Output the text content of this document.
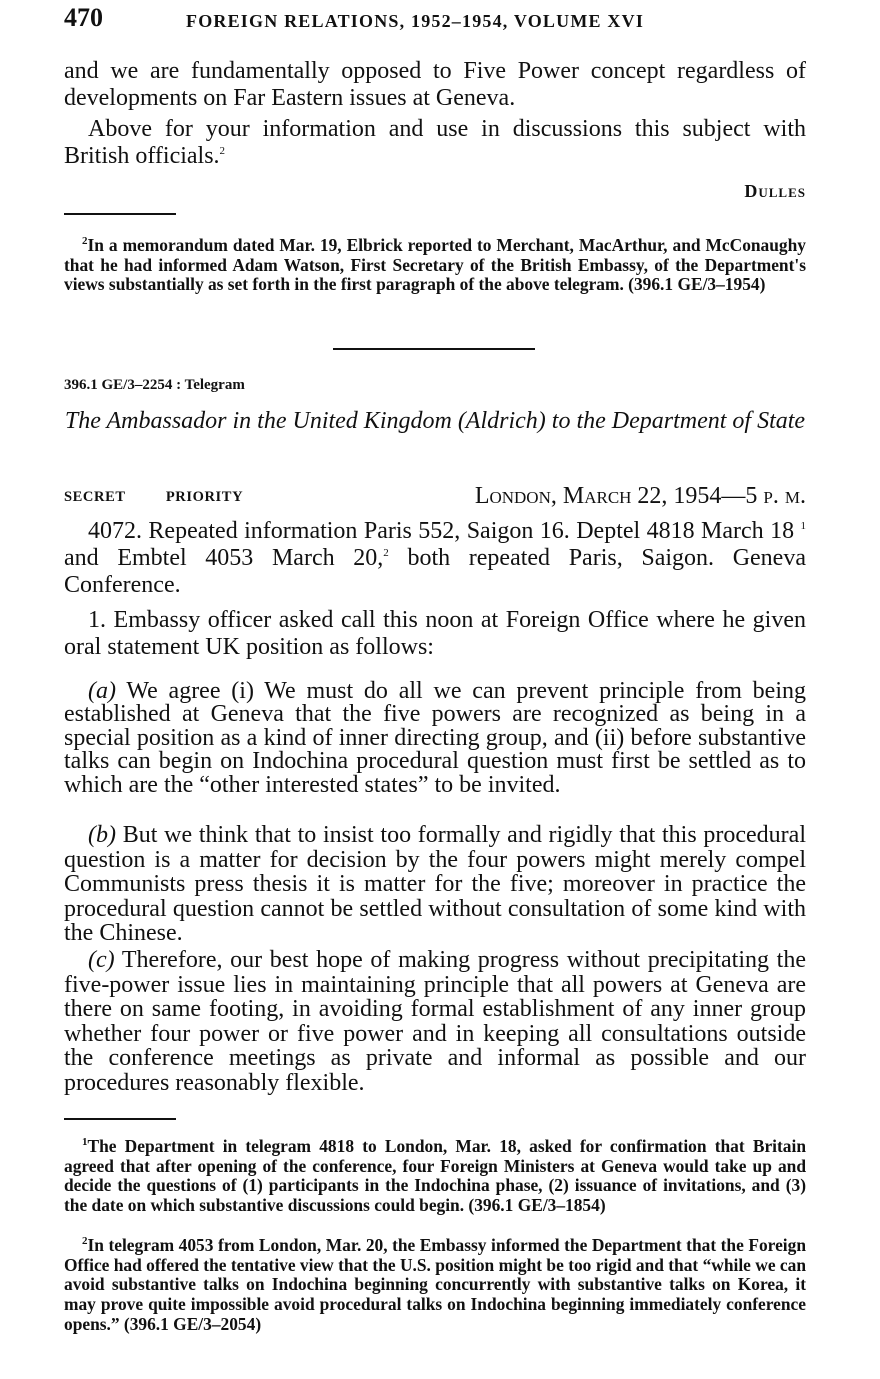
470	FOREIGN RELATIONS, 1952–1954, VOLUME XVI
and we are fundamentally opposed to Five Power concept regardless of developments on Far Eastern issues at Geneva.
Above for your information and use in discussions this subject with British officials.$^2$
Dulles
$^2$In a memorandum dated Mar. 19, Elbrick reported to Merchant, MacArthur, and McConaughy that he had informed Adam Watson, First Secretary of the British Embassy, of the Department's views substantially as set forth in the first paragraph of the above telegram. (396.1 GE/3–1954)
396.1 GE/3–2254 : Telegram
The Ambassador in the United Kingdom (Aldrich) to the Department of State
SECRET	PRIORITY	London, March 22, 1954—5 p. m.
4072. Repeated information Paris 552, Saigon 16. Deptel 4818 March 18 $^1$ and Embtel 4053 March 20,$^2$ both repeated Paris, Saigon. Geneva Conference.
1. Embassy officer asked call this noon at Foreign Office where he given oral statement UK position as follows:
(a) We agree (i) We must do all we can prevent principle from being established at Geneva that the five powers are recognized as being in a special position as a kind of inner directing group, and (ii) before substantive talks can begin on Indochina procedural question must first be settled as to which are the “other interested states” to be invited.
(b) But we think that to insist too formally and rigidly that this procedural question is a matter for decision by the four powers might merely compel Communists press thesis it is matter for the five; moreover in practice the procedural question cannot be settled without consultation of some kind with the Chinese.
(c) Therefore, our best hope of making progress without precipitating the five-power issue lies in maintaining principle that all powers at Geneva are there on same footing, in avoiding formal establishment of any inner group whether four power or five power and in keeping all consultations outside the conference meetings as private and informal as possible and our procedures reasonably flexible.
$^1$The Department in telegram 4818 to London, Mar. 18, asked for confirmation that Britain agreed that after opening of the conference, four Foreign Ministers at Geneva would take up and decide the questions of (1) participants in the Indochina phase, (2) issuance of invitations, and (3) the date on which substantive discussions could begin. (396.1 GE/3–1854)
$^2$In telegram 4053 from London, Mar. 20, the Embassy informed the Department that the Foreign Office had offered the tentative view that the U.S. position might be too rigid and that “while we can avoid substantive talks on Indochina beginning concurrently with substantive talks on Korea, it may prove quite impossible avoid procedural talks on Indochina beginning immediately conference opens.” (396.1 GE/3–2054)
